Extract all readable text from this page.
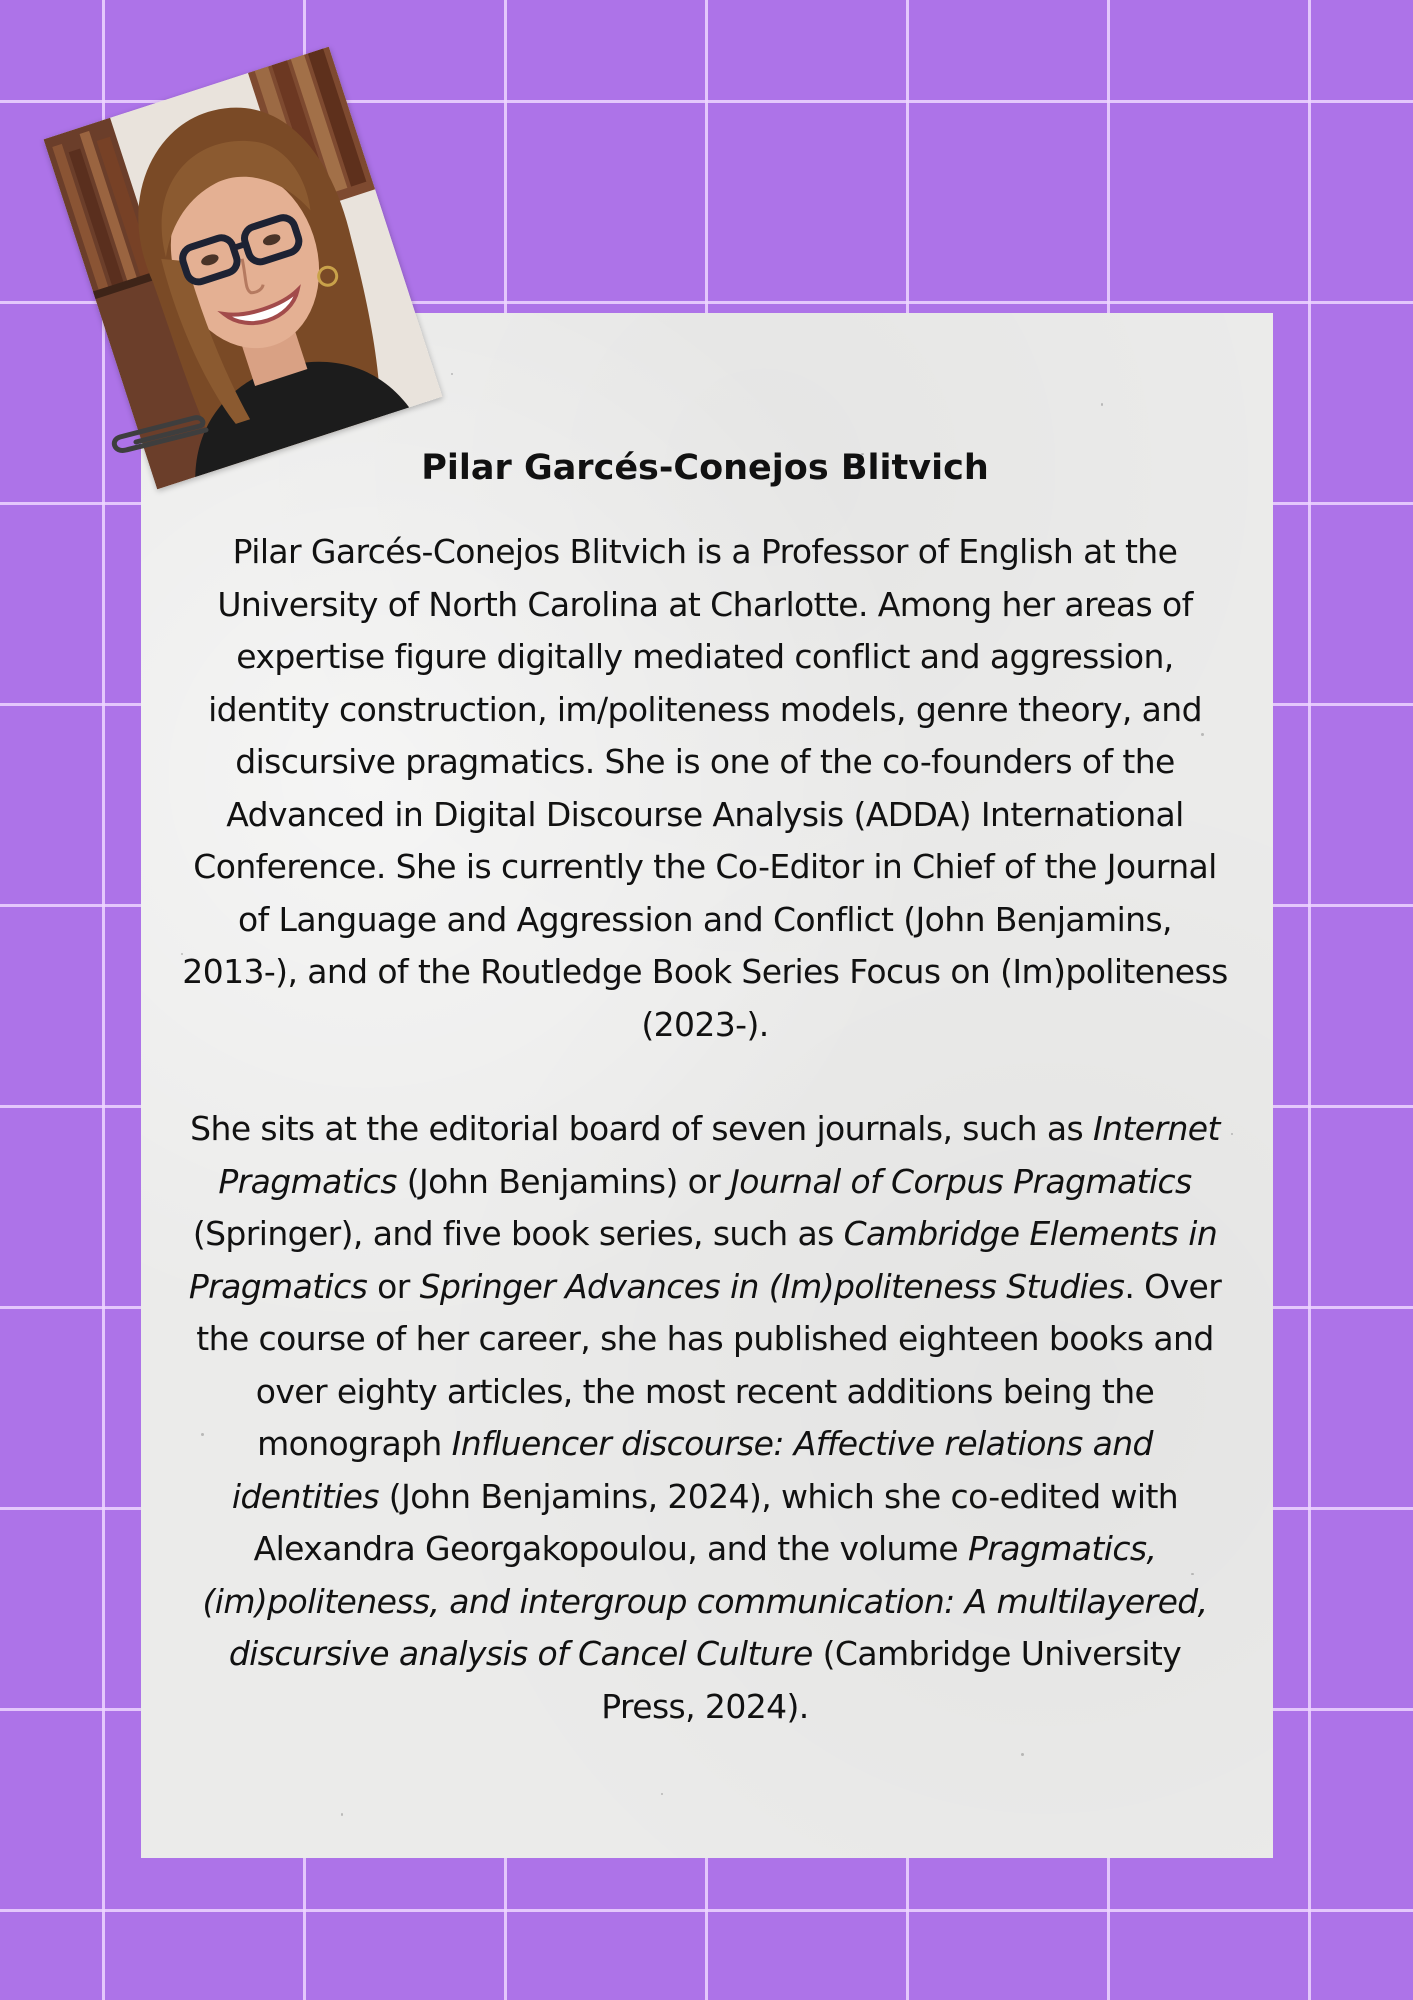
Pilar Garcés-Conejos Blitvich

Pilar Garcés-Conejos Blitvich is a Professor of English at the University of North Carolina at Charlotte. Among her areas of expertise figure digitally mediated conflict and aggression, identity construction, im/politeness models, genre theory, and discursive pragmatics. She is one of the co-founders of the Advanced in Digital Discourse Analysis (ADDA) International Conference. She is currently the Co-Editor in Chief of the Journal of Language and Aggression and Conflict (John Benjamins, 2013-), and of the Routledge Book Series Focus on (Im)politeness (2023-).

She sits at the editorial board of seven journals, such as Internet Pragmatics (John Benjamins) or Journal of Corpus Pragmatics (Springer), and five book series, such as Cambridge Elements in Pragmatics or Springer Advances in (Im)politeness Studies. Over the course of her career, she has published eighteen books and over eighty articles, the most recent additions being the monograph Influencer discourse: Affective relations and identities (John Benjamins, 2024), which she co-edited with Alexandra Georgakopoulou, and the volume Pragmatics, (im)politeness, and intergroup communication: A multilayered, discursive analysis of Cancel Culture (Cambridge University Press, 2024).
